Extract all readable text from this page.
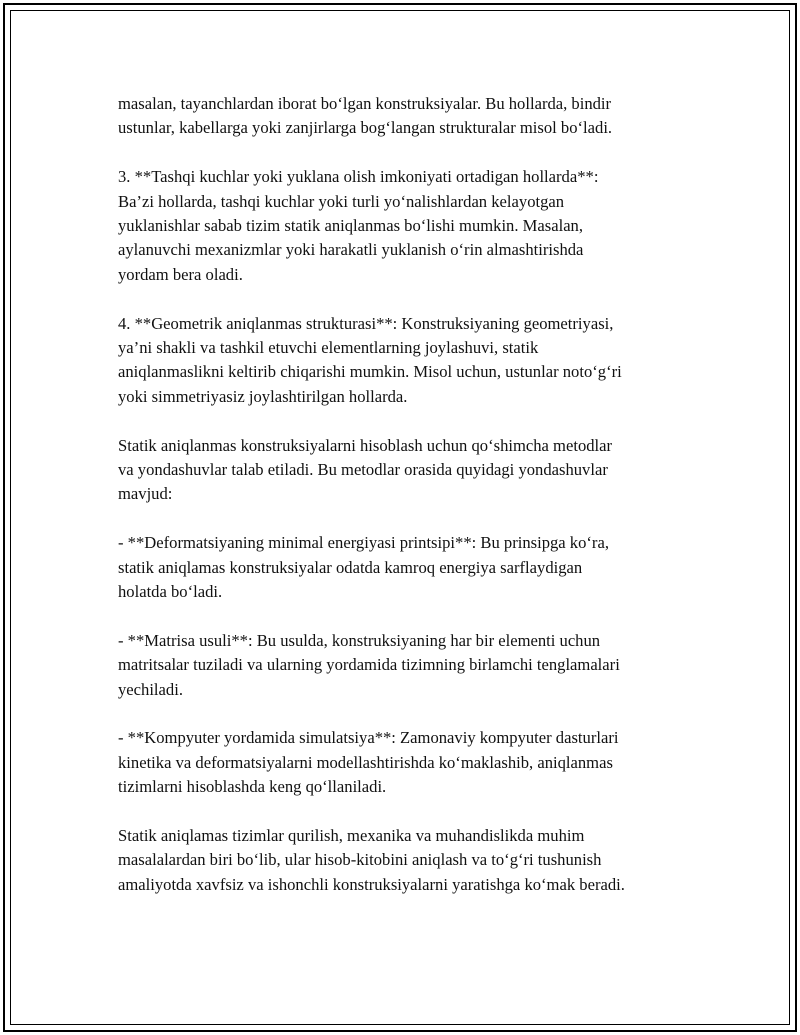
masalan, tayanchlardan iborat bo‘lgan konstruksiyalar. Bu hollarda, bindir
ustunlar, kabellarga yoki zanjirlarga bog‘langan strukturalar misol bo‘ladi.

3. **Tashqi kuchlar yoki yuklana olish imkoniyati ortadigan hollarda**:
Ba’zi hollarda, tashqi kuchlar yoki turli yo‘nalishlardan kelayotgan
yuklanishlar sabab tizim statik aniqlanmas bo‘lishi mumkin. Masalan,
aylanuvchi mexanizmlar yoki harakatli yuklanish o‘rin almashtirishda
yordam bera oladi.

4. **Geometrik aniqlanmas strukturasi**: Konstruksiyaning geometriyasi,
ya’ni shakli va tashkil etuvchi elementlarning joylashuvi, statik
aniqlanmaslikni keltirib chiqarishi mumkin. Misol uchun, ustunlar noto‘g‘ri
yoki simmetriyasiz joylashtirilgan hollarda.

Statik aniqlanmas konstruksiyalarni hisoblash uchun qo‘shimcha metodlar
va yondashuvlar talab etiladi. Bu metodlar orasida quyidagi yondashuvlar
mavjud:

- **Deformatsiyaning minimal energiyasi printsipi**: Bu prinsipga ko‘ra,
statik aniqlamas konstruksiyalar odatda kamroq energiya sarflaydigan
holatda bo‘ladi.

- **Matrisa usuli**: Bu usulda, konstruksiyaning har bir elementi uchun
matritsalar tuziladi va ularning yordamida tizimning birlamchi tenglamalari
yechiladi.

- **Kompyuter yordamida simulatsiya**: Zamonaviy kompyuter dasturlari
kinetika va deformatsiyalarni modellashtirishda ko‘maklashib, aniqlanmas
tizimlarni hisoblashda keng qo‘llaniladi.

Statik aniqlamas tizimlar qurilish, mexanika va muhandislikda muhim
masalalardan biri bo‘lib, ular hisob-kitobini aniqlash va to‘g‘ri tushunish
amaliyotda xavfsiz va ishonchli konstruksiyalarni yaratishga ko‘mak beradi.
